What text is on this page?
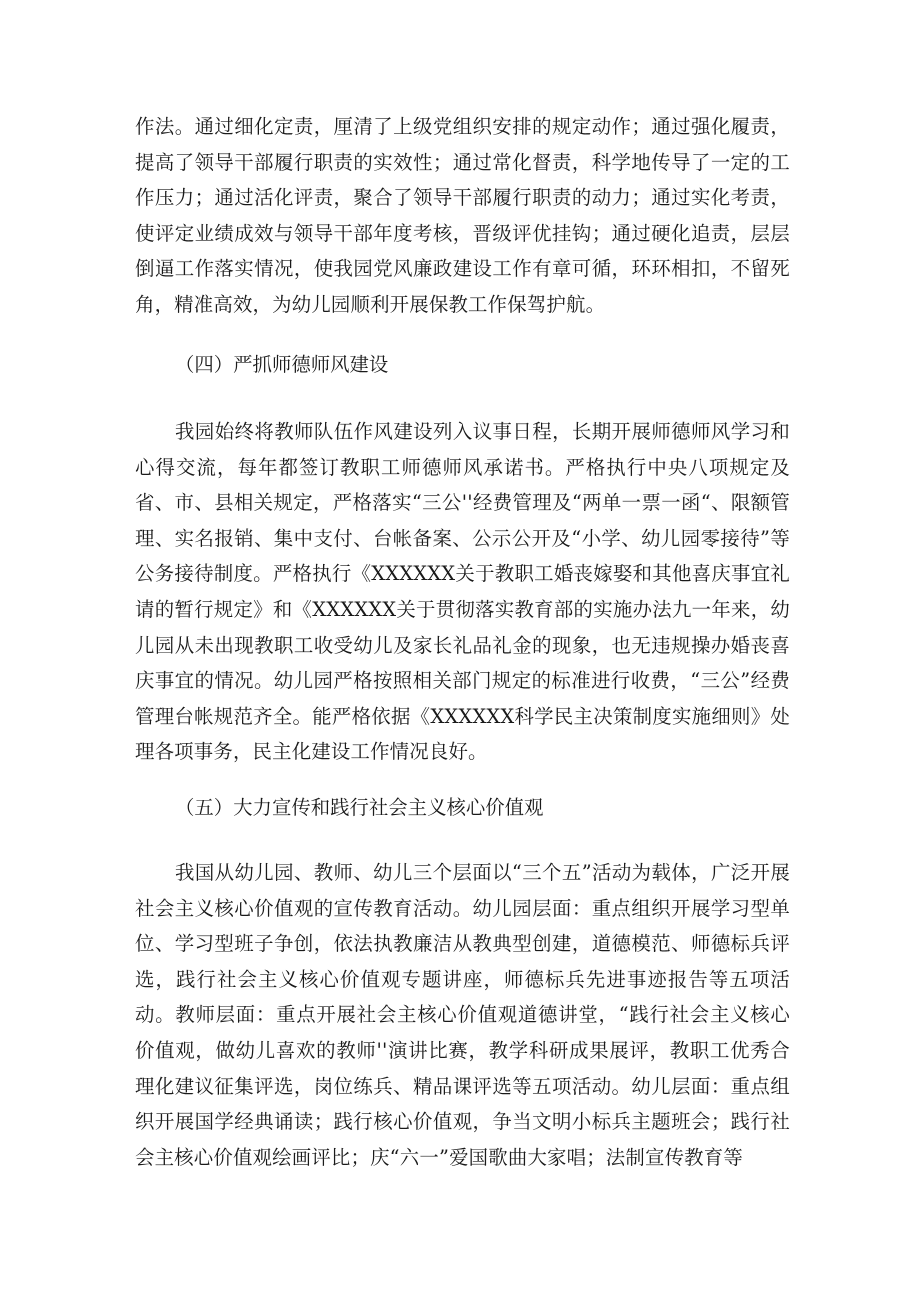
作法。通过细化定责，厘清了上级党组织安排的规定动作；通过强化履责，提高了领导干部履行职责的实效性；通过常化督责，科学地传导了一定的工作压力；通过活化评责，聚合了领导干部履行职责的动力；通过实化考责，使评定业绩成效与领导干部年度考核，晋级评优挂钩；通过硬化追责，层层倒逼工作落实情况，使我园党风廉政建设工作有章可循，环环相扣，不留死角，精准高效，为幼儿园顺利开展保教工作保驾护航。

（四）严抓师德师风建设

我园始终将教师队伍作风建设列入议事日程，长期开展师德师风学习和心得交流，每年都签订教职工师德师风承诺书。严格执行中央八项规定及省、市、县相关规定，严格落实“三公''经费管理及“两单一票一函“、限额管理、实名报销、集中支付、台帐备案、公示公开及“小学、幼儿园零接待”等公务接待制度。严格执行《XXXXXX关于教职工婚丧嫁娶和其他喜庆事宜礼请的暂行规定》和《XXXXXX关于贯彻落实教育部的实施办法九一年来，幼儿园从未出现教职工收受幼儿及家长礼品礼金的现象，也无违规操办婚丧喜庆事宜的情况。幼儿园严格按照相关部门规定的标准进行收费，“三公”经费管理台帐规范齐全。能严格依据《XXXXXX科学民主决策制度实施细则》处理各项事务，民主化建设工作情况良好。

（五）大力宣传和践行社会主义核心价值观

我国从幼儿园、教师、幼儿三个层面以“三个五”活动为载体，广泛开展社会主义核心价值观的宣传教育活动。幼儿园层面：重点组织开展学习型单位、学习型班子争创，依法执教廉洁从教典型创建，道德模范、师德标兵评选，践行社会主义核心价值观专题讲座，师德标兵先进事迹报告等五项活动。教师层面：重点开展社会主核心价值观道德讲堂，“践行社会主义核心价值观，做幼儿喜欢的教师''演讲比赛，教学科研成果展评，教职工优秀合理化建议征集评选，岗位练兵、精品课评选等五项活动。幼儿层面：重点组织开展国学经典诵读；践行核心价值观，争当文明小标兵主题班会；践行社会主核心价值观绘画评比；庆“六一”爱国歌曲大家唱；法制宣传教育等
